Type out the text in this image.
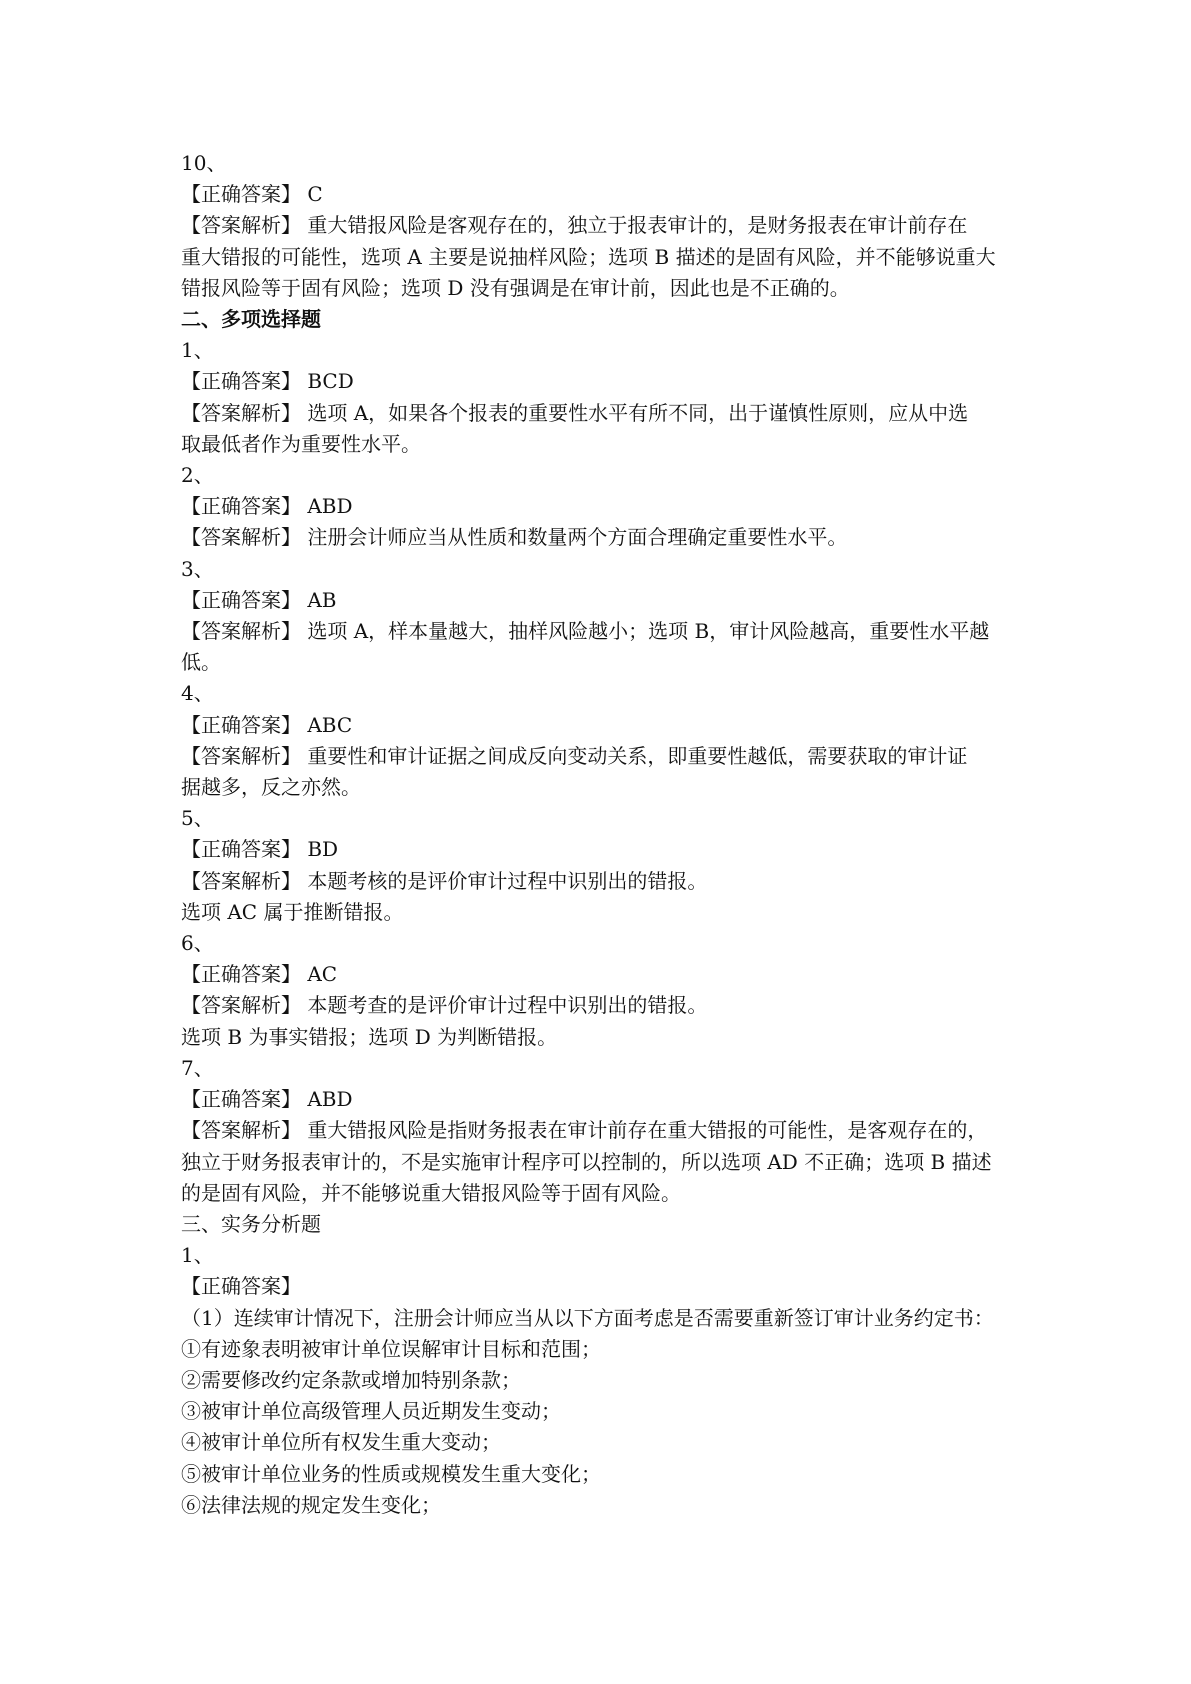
10、
【正确答案】 C
【答案解析】 重大错报风险是客观存在的，独立于报表审计的，是财务报表在审计前存在
重大错报的可能性，选项 A 主要是说抽样风险；选项 B 描述的是固有风险，并不能够说重大
错报风险等于固有风险；选项 D 没有强调是在审计前，因此也是不正确的。
二、多项选择题
1、
【正确答案】 BCD
【答案解析】 选项 A，如果各个报表的重要性水平有所不同，出于谨慎性原则，应从中选
取最低者作为重要性水平。
2、
【正确答案】 ABD
【答案解析】 注册会计师应当从性质和数量两个方面合理确定重要性水平。
3、
【正确答案】 AB
【答案解析】 选项 A，样本量越大，抽样风险越小；选项 B，审计风险越高，重要性水平越
低。
4、
【正确答案】 ABC
【答案解析】 重要性和审计证据之间成反向变动关系，即重要性越低，需要获取的审计证
据越多，反之亦然。
5、
【正确答案】 BD
【答案解析】 本题考核的是评价审计过程中识别出的错报。
选项 AC 属于推断错报。
6、
【正确答案】 AC
【答案解析】 本题考查的是评价审计过程中识别出的错报。
选项 B 为事实错报；选项 D 为判断错报。
7、
【正确答案】 ABD
【答案解析】 重大错报风险是指财务报表在审计前存在重大错报的可能性，是客观存在的，
独立于财务报表审计的，不是实施审计程序可以控制的，所以选项 AD 不正确；选项 B 描述
的是固有风险，并不能够说重大错报风险等于固有风险。
三、实务分析题
1、
【正确答案】
（1）连续审计情况下，注册会计师应当从以下方面考虑是否需要重新签订审计业务约定书：
①有迹象表明被审计单位误解审计目标和范围；
②需要修改约定条款或增加特别条款；
③被审计单位高级管理人员近期发生变动；
④被审计单位所有权发生重大变动；
⑤被审计单位业务的性质或规模发生重大变化；
⑥法律法规的规定发生变化；
